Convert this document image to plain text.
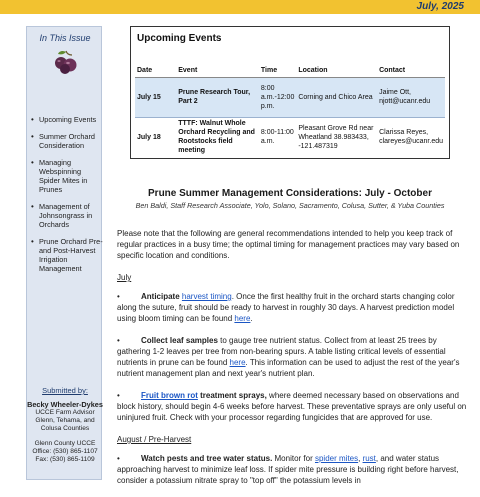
July, 2025
In This Issue
• Upcoming Events
• Summer Orchard Consideration
• Managing Webspinning Spider Mites in Prunes
• Management of Johnsongrass in Orchards
• Prune Orchard Pre- and Post-Harvest Irrigation Management
Submitted by:
Becky Wheeler-Dykes
UCCE Farm Advisor
Glenn, Tehama, and Colusa Counties
Glenn County UCCE
Office: (530) 865-1107
Fax: (530) 865-1109
Upcoming Events
Date	Event	Time	Location	Contact
July 15	Prune Research Tour, Part 2	8:00 a.m.-12:00 p.m.	Corning and Chico Area	Jaime Ott,
njott@ucanr.edu

July 18	TTTF: Walnut Whole Orchard Recycling and Rootstocks field meeting	8:00-11:00 a.m.	Pleasant Grove Rd near Wheatland 38.983433, -121.487319	Clarissa Reyes,
clareyes@ucanr.edu
Prune Summer Management Considerations: July - October
Ben Baldi, Staff Research Associate, Yolo, Solano, Sacramento, Colusa, Sutter, & Yuba Counties

Please note that the following are general recommendations intended to help you keep track of regular practices in a busy time; the optimal timing for management practices may vary based on specific location and conditions.

July

•	Anticipate harvest timing. Once the first healthy fruit in the orchard starts changing color along the suture, fruit should be ready to harvest in roughly 30 days. A harvest prediction model using bloom timing can be found here.

•	Collect leaf samples to gauge tree nutrient status. Collect from at least 25 trees by gathering 1-2 leaves per tree from non-bearing spurs. A table listing critical levels of essential nutrients in prune can be found here. This information can be used to adjust the rest of the year's nutrient management plan and next year's nutrient plan.

•	Fruit brown rot treatment sprays, where deemed necessary based on observations and block history, should begin 4-6 weeks before harvest. These preventative sprays are only useful on uninjured fruit. Check with your processor regarding fungicides that are approved for use.

August / Pre-Harvest

•	Watch pests and tree water status. Monitor for spider mites, rust, and water status approaching harvest to minimize leaf loss. If spider mite pressure is building right before harvest, consider a potassium nitrate spray to "top off" the potassium levels in
